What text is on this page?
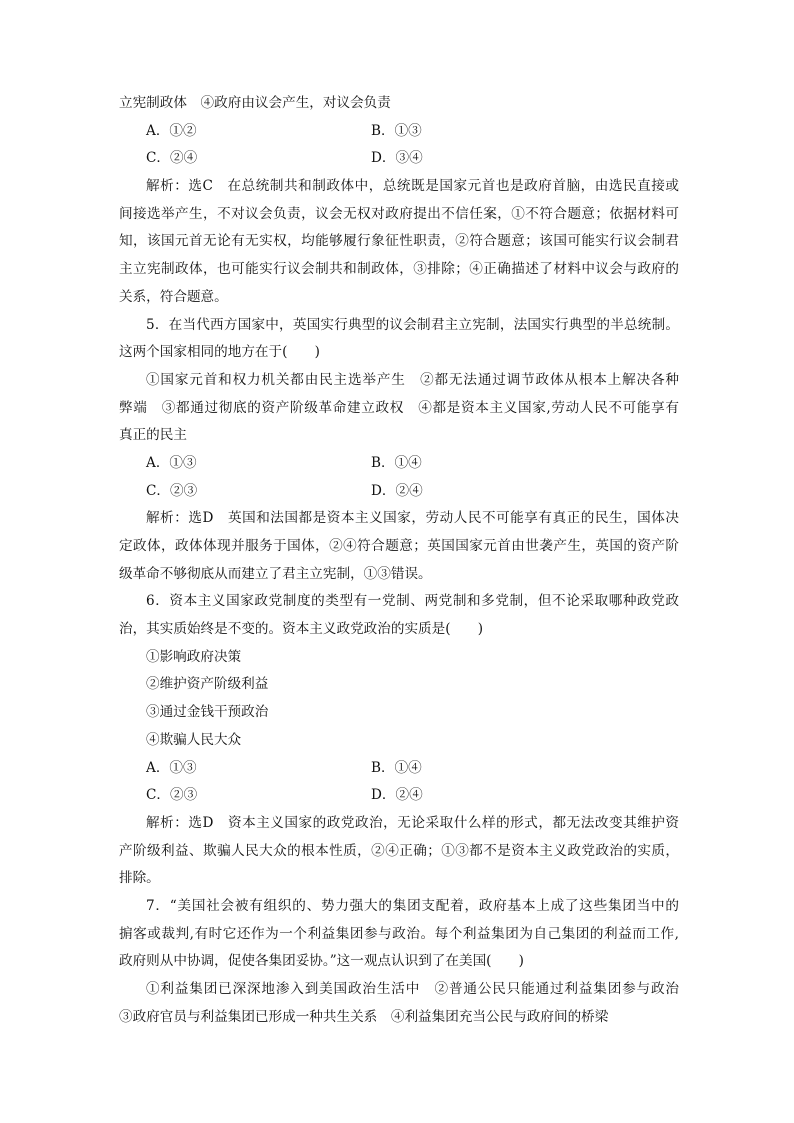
立宪制政体　④政府由议会产生，对议会负责
A．①②	B．①③
C．②④	D．③④
解析：选C　在总统制共和制政体中，总统既是国家元首也是政府首脑，由选民直接或
间接选举产生，不对议会负责，议会无权对政府提出不信任案，①不符合题意；依据材料可
知，该国元首无论有无实权，均能够履行象征性职责，②符合题意；该国可能实行议会制君
主立宪制政体，也可能实行议会制共和制政体，③排除；④正确描述了材料中议会与政府的
关系，符合题意。
5．在当代西方国家中，英国实行典型的议会制君主立宪制，法国实行典型的半总统制。
这两个国家相同的地方在于(　　)
①国家元首和权力机关都由民主选举产生　②都无法通过调节政体从根本上解决各种
弊端　③都通过彻底的资产阶级革命建立政权　④都是资本主义国家,劳动人民不可能享有
真正的民主
A．①③	B．①④
C．②③	D．②④
解析：选D　英国和法国都是资本主义国家，劳动人民不可能享有真正的民生，国体决
定政体，政体体现并服务于国体，②④符合题意；英国国家元首由世袭产生，英国的资产阶
级革命不够彻底从而建立了君主立宪制，①③错误。
6．资本主义国家政党制度的类型有一党制、两党制和多党制，但不论采取哪种政党政
治，其实质始终是不变的。资本主义政党政治的实质是(　　)
①影响政府决策
②维护资产阶级利益
③通过金钱干预政治
④欺骗人民大众
A．①③	B．①④
C．②③	D．②④
解析：选D　资本主义国家的政党政治，无论采取什么样的形式，都无法改变其维护资
产阶级利益、欺骗人民大众的根本性质，②④正确；①③都不是资本主义政党政治的实质，
排除。
7．“美国社会被有组织的、势力强大的集团支配着，政府基本上成了这些集团当中的
掮客或裁判,有时它还作为一个利益集团参与政治。每个利益集团为自己集团的利益而工作,
政府则从中协调，促使各集团妥协。”这一观点认识到了在美国(　　)
①利益集团已深深地渗入到美国政治生活中　②普通公民只能通过利益集团参与政治
③政府官员与利益集团已形成一种共生关系　④利益集团充当公民与政府间的桥梁
